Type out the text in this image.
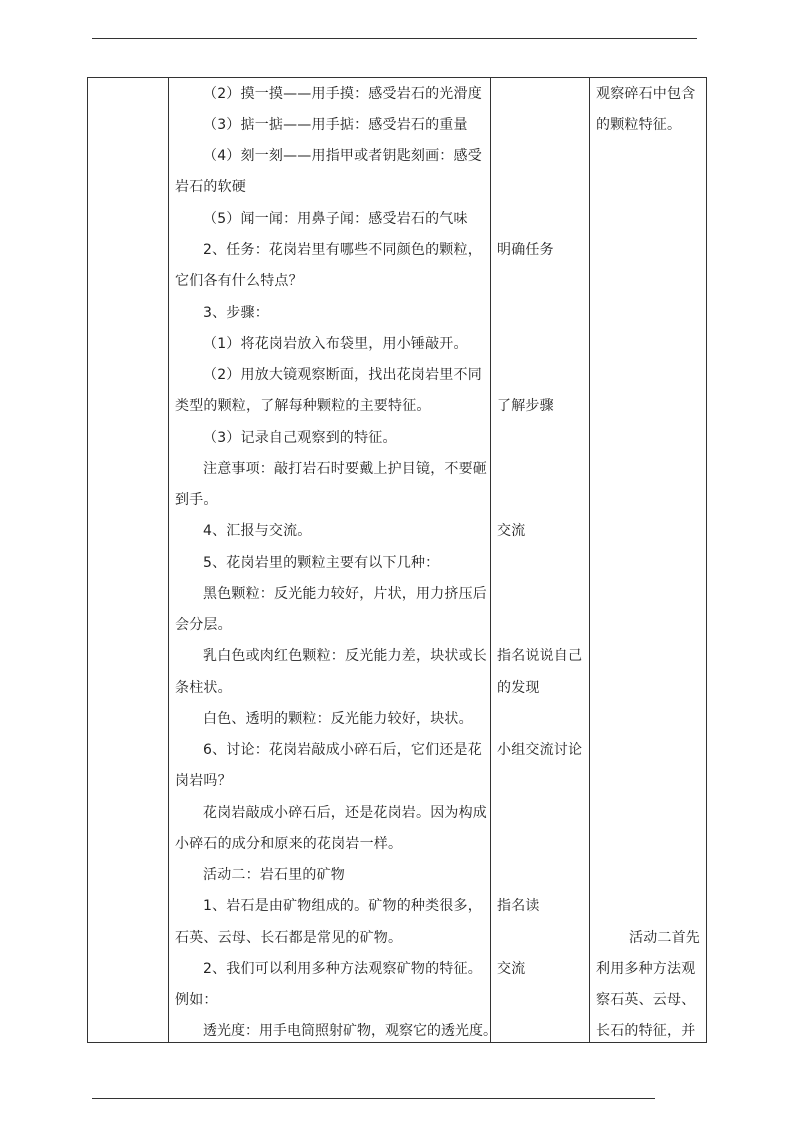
（2）摸一摸——用手摸：感受岩石的光滑度
（3）掂一掂——用手掂：感受岩石的重量
（4）刻一刻——用指甲或者钥匙刻画：感受
岩石的软硬
（5）闻一闻：用鼻子闻：感受岩石的气味
2、任务：花岗岩里有哪些不同颜色的颗粒，
它们各有什么特点？
3、步骤：
（1）将花岗岩放入布袋里，用小锤敲开。
（2）用放大镜观察断面，找出花岗岩里不同
类型的颗粒，了解每种颗粒的主要特征。
（3）记录自己观察到的特征。
注意事项：敲打岩石时要戴上护目镜，不要砸
到手。
4、汇报与交流。
5、花岗岩里的颗粒主要有以下几种：
黑色颗粒：反光能力较好，片状，用力挤压后
会分层。
乳白色或肉红色颗粒：反光能力差，块状或长
条柱状。
白色、透明的颗粒：反光能力较好，块状。
6、讨论：花岗岩敲成小碎石后，它们还是花
岗岩吗？
花岗岩敲成小碎石后，还是花岗岩。因为构成
小碎石的成分和原来的花岗岩一样。
活动二：岩石里的矿物
1、岩石是由矿物组成的。矿物的种类很多，
石英、云母、长石都是常见的矿物。
2、我们可以利用多种方法观察矿物的特征。
例如：
透光度：用手电筒照射矿物，观察它的透光度。
明确任务
了解步骤
交流
指名说说自己
的发现
小组交流讨论
指名读
交流
观察碎石中包含
的颗粒特征。
活动二首先
利用多种方法观
察石英、云母、
长石的特征，并
